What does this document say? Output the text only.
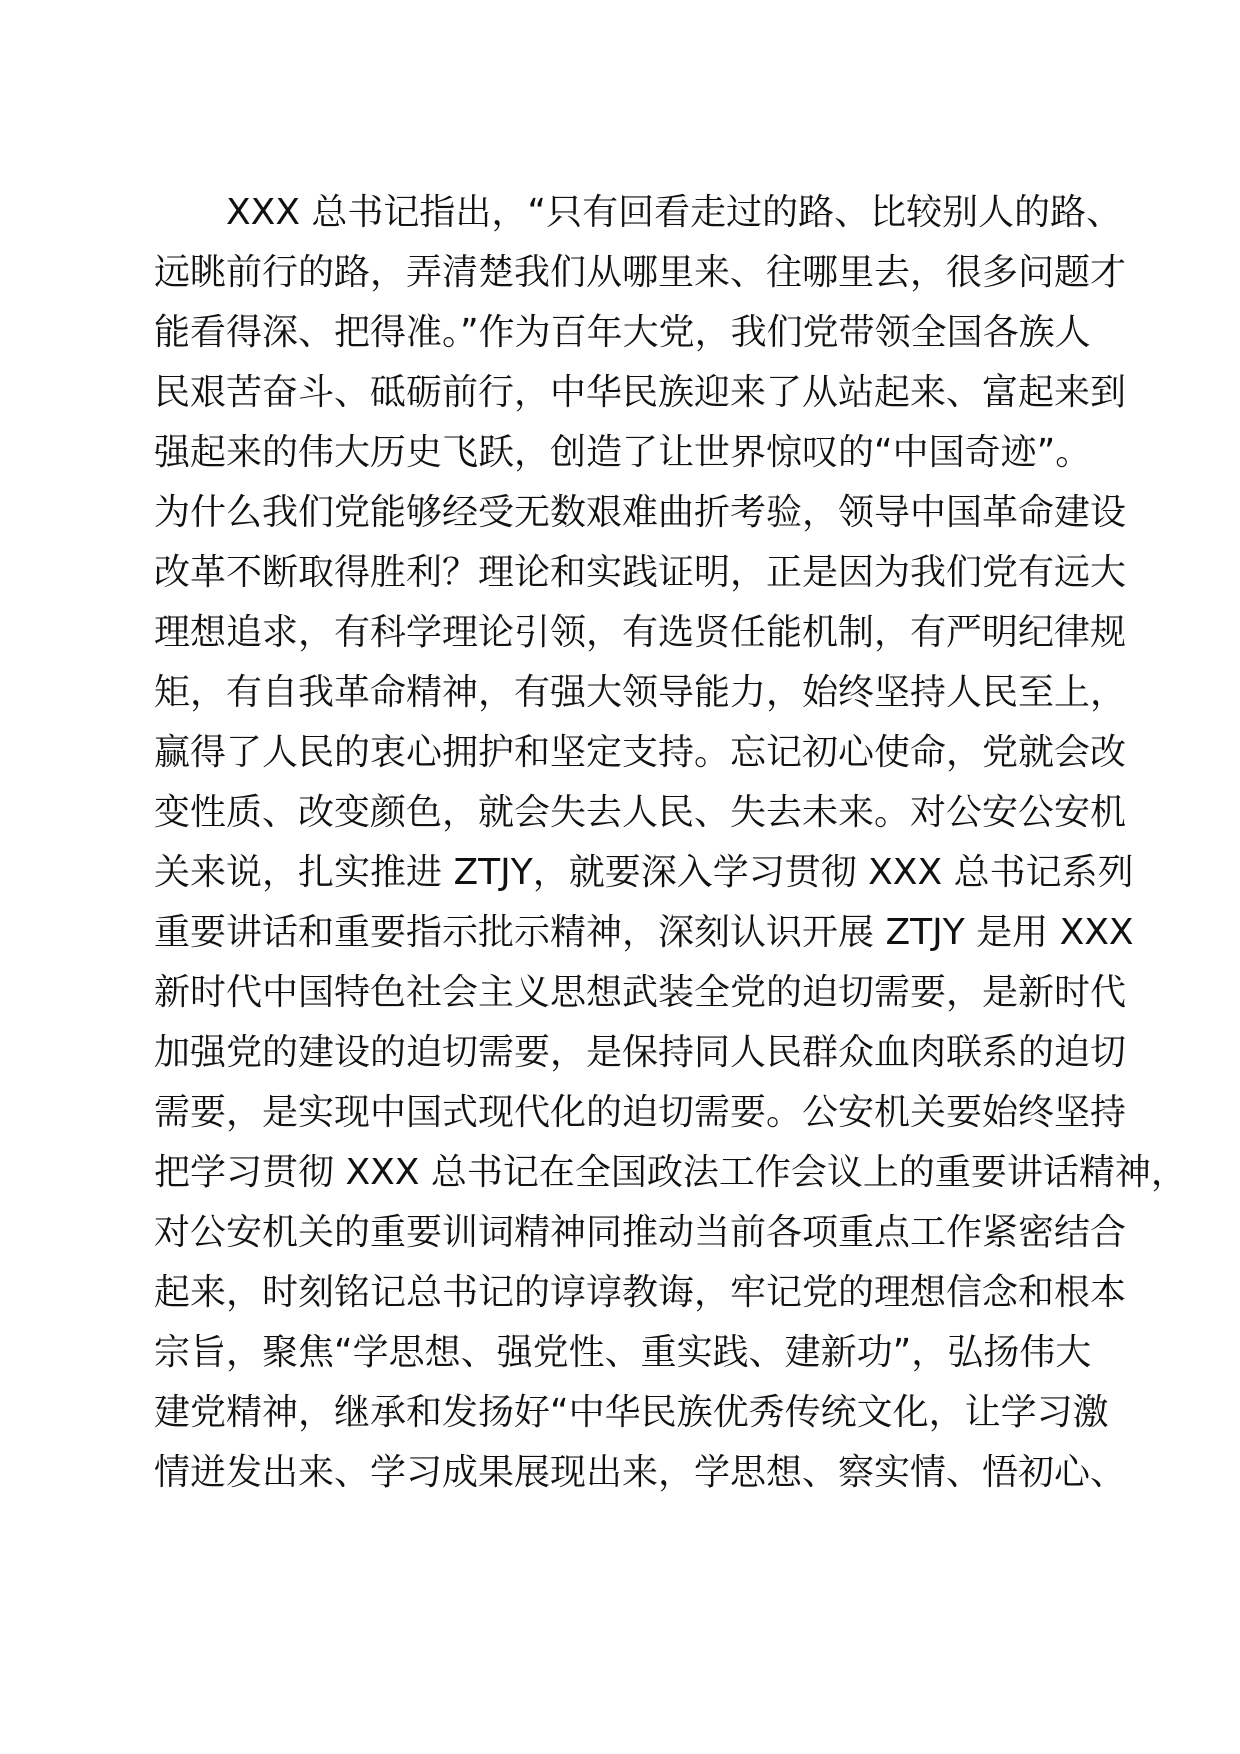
XXX 总书记指出，“只有回看走过的路、比较别人的路、
远眺前行的路，弄清楚我们从哪里来、往哪里去，很多问题才
能看得深、把得准。”作为百年大党，我们党带领全国各族人
民艰苦奋斗、砥砺前行，中华民族迎来了从站起来、富起来到
强起来的伟大历史飞跃，创造了让世界惊叹的“中国奇迹”。
为什么我们党能够经受无数艰难曲折考验，领导中国革命建设
改革不断取得胜利？理论和实践证明，正是因为我们党有远大
理想追求，有科学理论引领，有选贤任能机制，有严明纪律规
矩，有自我革命精神，有强大领导能力，始终坚持人民至上，
赢得了人民的衷心拥护和坚定支持。忘记初心使命，党就会改
变性质、改变颜色，就会失去人民、失去未来。对公安公安机
关来说，扎实推进 ZTJY，就要深入学习贯彻 XXX 总书记系列
重要讲话和重要指示批示精神，深刻认识开展 ZTJY 是用 XXX
新时代中国特色社会主义思想武装全党的迫切需要，是新时代
加强党的建设的迫切需要，是保持同人民群众血肉联系的迫切
需要，是实现中国式现代化的迫切需要。公安机关要始终坚持
把学习贯彻 XXX 总书记在全国政法工作会议上的重要讲话精神，
对公安机关的重要训词精神同推动当前各项重点工作紧密结合
起来，时刻铭记总书记的谆谆教诲，牢记党的理想信念和根本
宗旨，聚焦“学思想、强党性、重实践、建新功”，弘扬伟大
建党精神，继承和发扬好“中华民族优秀传统文化，让学习激
情迸发出来、学习成果展现出来，学思想、察实情、悟初心、
